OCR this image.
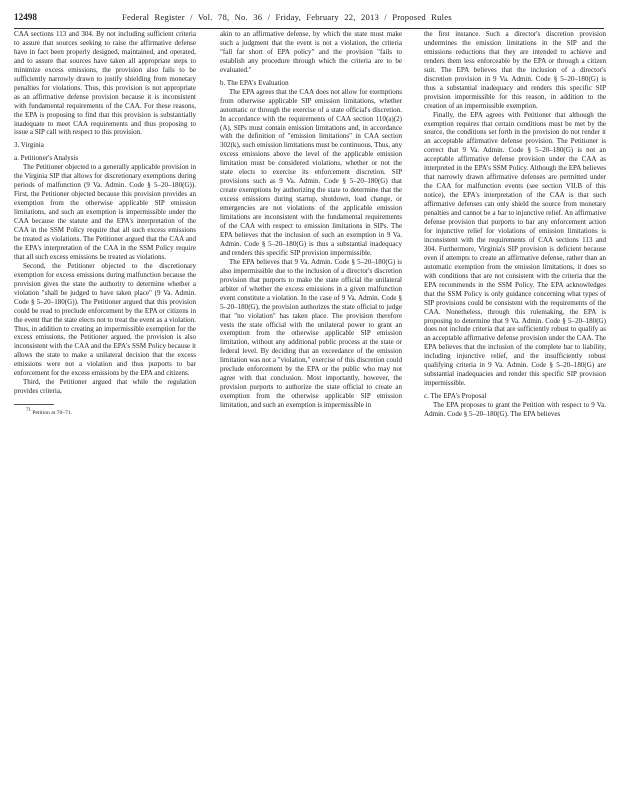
12498	Federal Register / Vol. 78, No. 36 / Friday, February 22, 2013 / Proposed Rules

CAA sections 113 and 304. By not including sufficient criteria to assure that sources seeking to raise the affirmative defense have in fact been properly designed, maintained, and operated, and to assure that sources have taken all appropriate steps to minimize excess emissions, the provision also fails to be sufficiently narrowly drawn to justify shielding from monetary penalties for violations. Thus, this provision is not appropriate as an affirmative defense provision because it is inconsistent with fundamental requirements of the CAA. For these reasons, the EPA is proposing to find that this provision is substantially inadequate to meet CAA requirements and thus proposing to issue a SIP call with respect to this provision.

3. Virginia
a. Petitioner's Analysis

The Petitioner objected to a generally applicable provision in the Virginia SIP that allows for discretionary exemptions during periods of malfunction (9 Va. Admin. Code § 5–20–180(G)). First, the Petitioner objected because this provision provides an exemption from the otherwise applicable SIP emission limitations, and such an exemption is impermissible under the CAA because the statute and the EPA's interpretation of the CAA in the SSM Policy require that all such excess emissions be treated as violations. The Petitioner argued that the CAA and the EPA's interpretation of the CAA in the SSM Policy require that all such excess emissions be treated as violations.

Second, the Petitioner objected to the discretionary exemption for excess emissions during malfunction because the provision gives the state the authority to determine whether a violation "shall be judged to have taken place" (9 Va. Admin. Code § 5–20–180(G)). The Petitioner argued that this provision could be read to preclude enforcement by the EPA or citizens in the event that the state elects not to treat the event as a violation. Thus, in addition to creating an impermissible exemption for the excess emissions, the Petitioner argued, the provision is also inconsistent with the CAA and the EPA's SSM Policy because it allows the state to make a unilateral decision that the excess emissions were not a violation and thus purports to bar enforcement for the excess emissions by the EPA and citizens.

Third, the Petitioner argued that while the regulation provides criteria,

71 Petition at 70–71.

akin to an affirmative defense, by which the state must make such a judgment that the event is not a violation, the criteria "fall far short of EPA policy" and the provision "fails to establish any procedure through which the criteria are to be evaluated."

b. The EPA's Evaluation

The EPA agrees that the CAA does not allow for exemptions from otherwise applicable SIP emission limitations, whether automatic or through the exercise of a state official's discretion. In accordance with the requirements of CAA section 110(a)(2)(A), SIPs must contain emission limitations and, in accordance with the definition of "emission limitations" in CAA section 302(k), such emission limitations must be continuous. Thus, any excess emissions above the level of the applicable emission limitation must be considered violations, whether or not the state elects to exercise its enforcement discretion. SIP provisions such as 9 Va. Admin. Code § 5–20–180(G) that create exemptions by authorizing the state to determine that the excess emissions during startup, shutdown, load change, or emergencies are not violations of the applicable emission limitations are inconsistent with the fundamental requirements of the CAA with respect to emission limitations in SIPs. The EPA believes that the inclusion of such an exemption in 9 Va. Admin. Code § 5–20–180(G) is thus a substantial inadequacy and renders this specific SIP provision impermissible.

The EPA believes that 9 Va. Admin. Code § 5–20–180(G) is also impermissible due to the inclusion of a director's discretion provision that purports to make the state official the unilateral arbiter of whether the excess emissions in a given malfunction event constitute a violation. In the case of 9 Va. Admin. Code § 5–20–180(G), the provision authorizes the state official to judge that "no violation" has taken place. The provision therefore vests the state official with the unilateral power to grant an exemption from the otherwise applicable SIP emission limitation, without any additional public process at the state or federal level. By deciding that an exceedance of the emission limitation was not a "violation," exercise of this discretion could preclude enforcement by the EPA or the public who may not agree with that conclusion. Most importantly, however, the provision purports to authorize the state official to create an exemption from the otherwise applicable SIP emission limitation, and such an exemption is impermissible in

the first instance. Such a director's discretion provision undermines the emission limitations in the SIP and the emissions reductions that they are intended to achieve and renders them less enforceable by the EPA or through a citizen suit. The EPA believes that the inclusion of a director's discretion provision in 9 Va. Admin. Code § 5–20–180(G) is thus a substantial inadequacy and renders this specific SIP provision impermissible for this reason, in addition to the creation of an impermissible exemption.

Finally, the EPA agrees with Petitioner that although the exemption requires that certain conditions must be met by the source, the conditions set forth in the provision do not render it an acceptable affirmative defense provision. The Petitioner is correct that 9 Va. Admin. Code § 5–20–180(G) is not an acceptable affirmative defense provision under the CAA as interpreted in the EPA's SSM Policy. Although the EPA believes that narrowly drawn affirmative defenses are permitted under the CAA for malfunction events (see section VII.B of this notice), the EPA's interpretation of the CAA is that such affirmative defenses can only shield the source from monetary penalties and cannot be a bar to injunctive relief. An affirmative defense provision that purports to bar any enforcement action for injunctive relief for violations of emission limitations is inconsistent with the requirements of CAA sections 113 and 304. Furthermore, Virginia's SIP provision is deficient because even if attempts to create an affirmative defense, rather than an automatic exemption from the emission limitations, it does so with conditions that are not consistent with the criteria that the EPA recommends in the SSM Policy. The EPA acknowledges that the SSM Policy is only guidance concerning what types of SIP provisions could be consistent with the requirements of the CAA. Nonetheless, through this rulemaking, the EPA is proposing to determine that 9 Va. Admin. Code § 5–20–180(G) does not include criteria that are sufficiently robust to qualify as an acceptable affirmative defense provision under the CAA. The EPA believes that the inclusion of the complete bar to liability, including injunctive relief, and the insufficiently robust qualifying criteria in 9 Va. Admin. Code § 5–20–180(G) are substantial inadequacies and render this specific SIP provision impermissible.

c. The EPA's Proposal

The EPA proposes to grant the Petition with respect to 9 Va. Admin. Code § 5–20–180(G). The EPA believes
